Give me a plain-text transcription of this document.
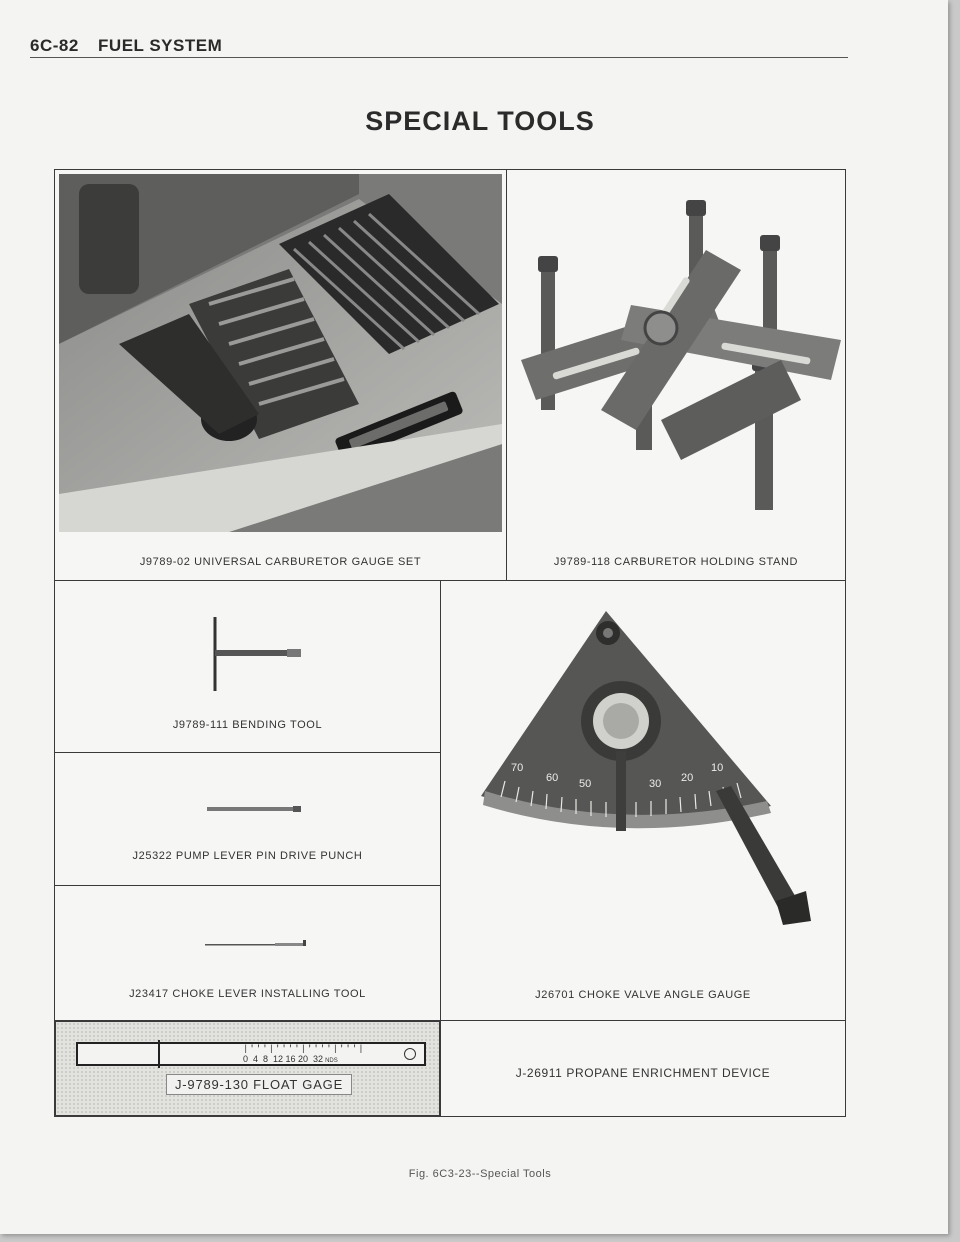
6C-82 FUEL SYSTEM
SPECIAL TOOLS
J9789-02 UNIVERSAL CARBURETOR GAUGE SET	J9789-118 CARBURETOR HOLDING STAND
J9789-111 BENDING TOOL
J25322 PUMP LEVER PIN DRIVE PUNCH
J23417 CHOKE LEVER INSTALLING TOOL
70
60 50	30 20
10
J26701 CHOKE VALVE ANGLE GAUGE
|'''|''''|''''|'''|
0  4  8  12 16 20  32 NDS
J-9789-130 FLOAT GAGE
J-26911 PROPANE ENRICHMENT DEVICE
Fig. 6C3-23--Special Tools
